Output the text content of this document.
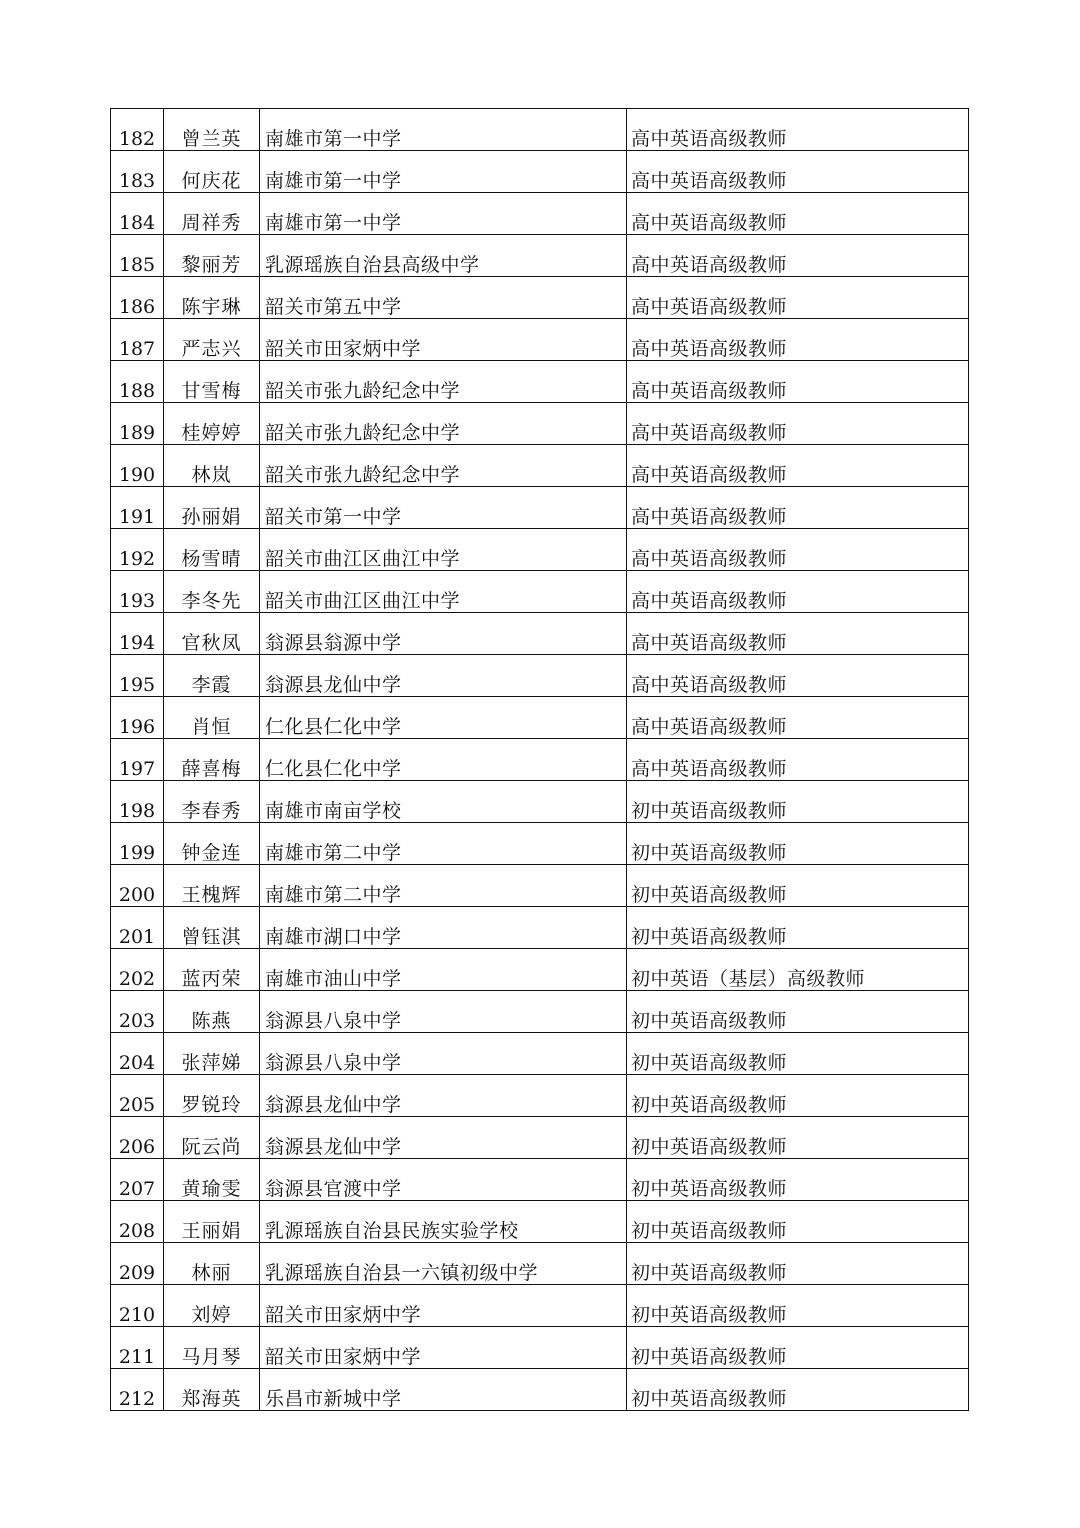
182	曾兰英	南雄市第一中学	高中英语高级教师
183	何庆花	南雄市第一中学	高中英语高级教师
184	周祥秀	南雄市第一中学	高中英语高级教师
185	黎丽芳	乳源瑶族自治县高级中学	高中英语高级教师
186	陈宇琳	韶关市第五中学	高中英语高级教师
187	严志兴	韶关市田家炳中学	高中英语高级教师
188	甘雪梅	韶关市张九龄纪念中学	高中英语高级教师
189	桂婷婷	韶关市张九龄纪念中学	高中英语高级教师
190	林岚	韶关市张九龄纪念中学	高中英语高级教师
191	孙丽娟	韶关市第一中学	高中英语高级教师
192	杨雪晴	韶关市曲江区曲江中学	高中英语高级教师
193	李冬先	韶关市曲江区曲江中学	高中英语高级教师
194	官秋凤	翁源县翁源中学	高中英语高级教师
195	李霞	翁源县龙仙中学	高中英语高级教师
196	肖恒	仁化县仁化中学	高中英语高级教师
197	薛喜梅	仁化县仁化中学	高中英语高级教师
198	李春秀	南雄市南亩学校	初中英语高级教师
199	钟金连	南雄市第二中学	初中英语高级教师
200	王槐辉	南雄市第二中学	初中英语高级教师
201	曾钰淇	南雄市湖口中学	初中英语高级教师
202	蓝丙荣	南雄市油山中学	初中英语（基层）高级教师
203	陈燕	翁源县八泉中学	初中英语高级教师
204	张萍娣	翁源县八泉中学	初中英语高级教师
205	罗锐玲	翁源县龙仙中学	初中英语高级教师
206	阮云尚	翁源县龙仙中学	初中英语高级教师
207	黄瑜雯	翁源县官渡中学	初中英语高级教师
208	王丽娟	乳源瑶族自治县民族实验学校	初中英语高级教师
209	林丽	乳源瑶族自治县一六镇初级中学	初中英语高级教师
210	刘婷	韶关市田家炳中学	初中英语高级教师
211	马月琴	韶关市田家炳中学	初中英语高级教师
212	郑海英	乐昌市新城中学	初中英语高级教师
